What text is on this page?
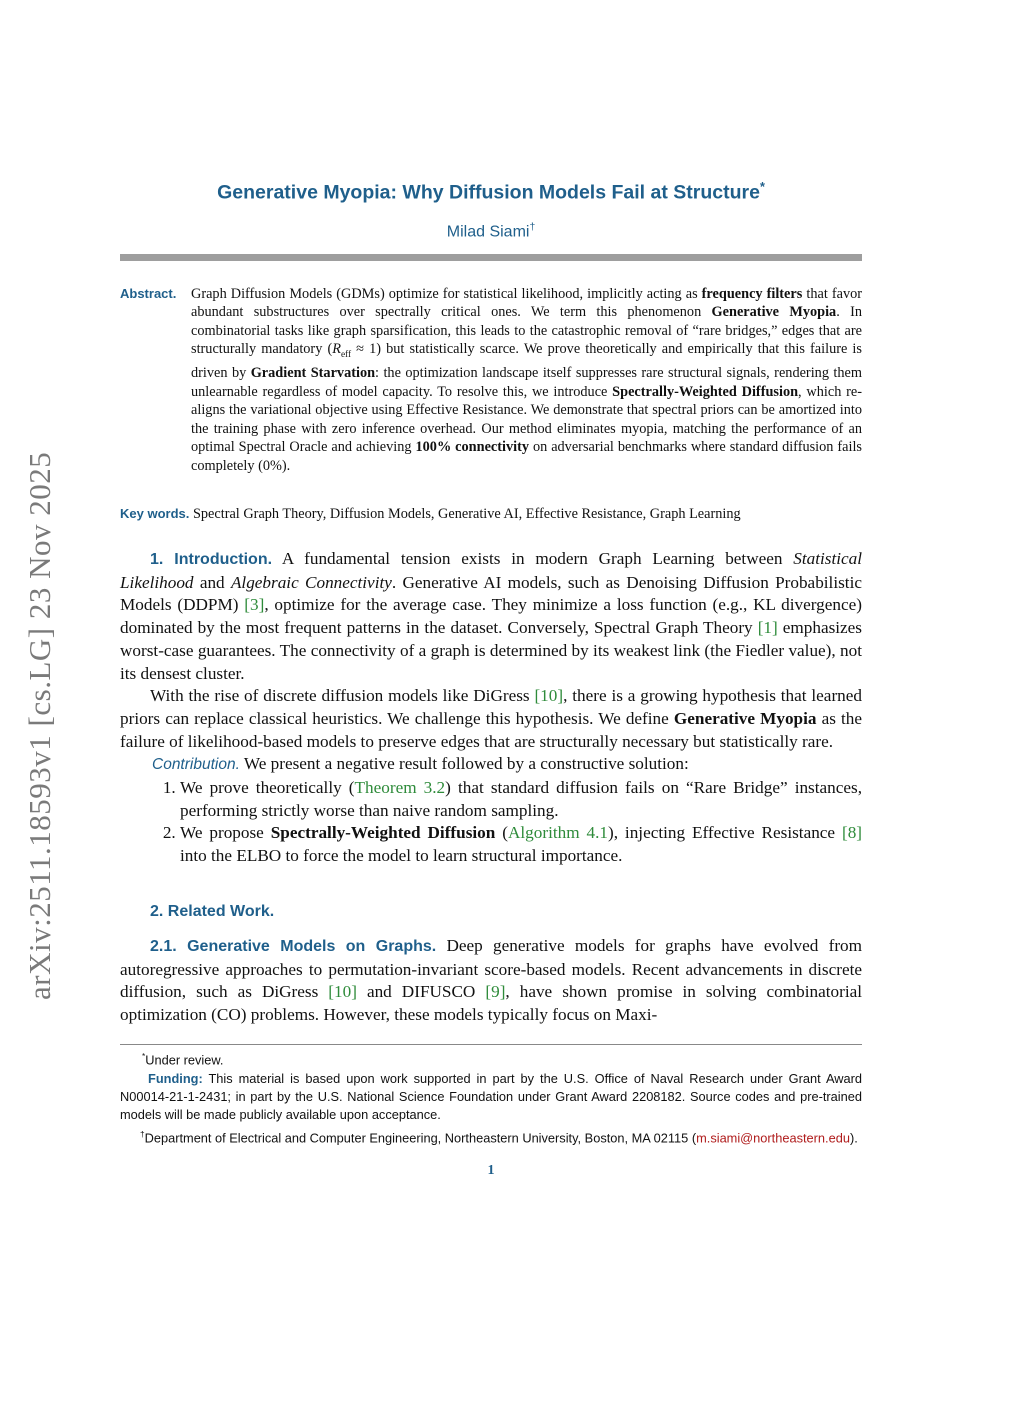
arXiv:2511.18593v1 [cs.LG] 23 Nov 2025
Generative Myopia: Why Diffusion Models Fail at Structure*
Milad Siami†
Abstract. Graph Diffusion Models (GDMs) optimize for statistical likelihood, implicitly acting as frequency filters that favor abundant substructures over spectrally critical ones. We term this phenomenon Generative Myopia. In combinatorial tasks like graph sparsification, this leads to the catastrophic removal of “rare bridges,” edges that are structurally mandatory $(R_{eff} \approx 1)$ but statistically scarce. We prove theoretically and empirically that this failure is driven by Gradient Starvation: the optimization landscape itself suppresses rare structural signals, rendering them unlearnable regardless of model capacity. To resolve this, we introduce Spectrally-Weighted Diffusion, which re-aligns the variational objective using Effective Resistance. We demonstrate that spectral priors can be amortized into the training phase with zero inference overhead. Our method eliminates myopia, matching the performance of an optimal Spectral Oracle and achieving 100% connectivity on adversarial benchmarks where standard diffusion fails completely (0%).

Key words. Spectral Graph Theory, Diffusion Models, Generative AI, Effective Resistance, Graph Learning

1. Introduction. A fundamental tension exists in modern Graph Learning between Statistical Likelihood and Algebraic Connectivity. Generative AI models, such as Denoising Diffusion Probabilistic Models (DDPM) [3], optimize for the average case. They minimize a loss function (e.g., KL divergence) dominated by the most frequent patterns in the dataset. Conversely, Spectral Graph Theory [1] emphasizes worst-case guarantees. The connectivity of a graph is determined by its weakest link (the Fiedler value), not its densest cluster.

With the rise of discrete diffusion models like DiGress [10], there is a growing hypothesis that learned priors can replace classical heuristics. We challenge this hypothesis. We define Generative Myopia as the failure of likelihood-based models to preserve edges that are structurally necessary but statistically rare.

Contribution. We present a negative result followed by a constructive solution:

1. We prove theoretically (Theorem 3.2) that standard diffusion fails on “Rare Bridge” instances, performing strictly worse than naive random sampling.
2. We propose Spectrally-Weighted Diffusion (Algorithm 4.1), injecting Effective Resistance [8] into the ELBO to force the model to learn structural importance.
2. Related Work.

2.1. Generative Models on Graphs. Deep generative models for graphs have evolved from autoregressive approaches to permutation-invariant score-based models. Recent advancements in discrete diffusion, such as DiGress [10] and DIFUSCO [9], have shown promise in solving combinatorial optimization (CO) problems. However, these models typically focus on Maxi-

*Under review.

Funding: This material is based upon work supported in part by the U.S. Office of Naval Research under Grant Award N00014-21-1-2431; in part by the U.S. National Science Foundation under Grant Award 2208182. Source codes and pre-trained models will be made publicly available upon acceptance.

†Department of Electrical and Computer Engineering, Northeastern University, Boston, MA 02115 (m.siami@northeastern.edu).

1
